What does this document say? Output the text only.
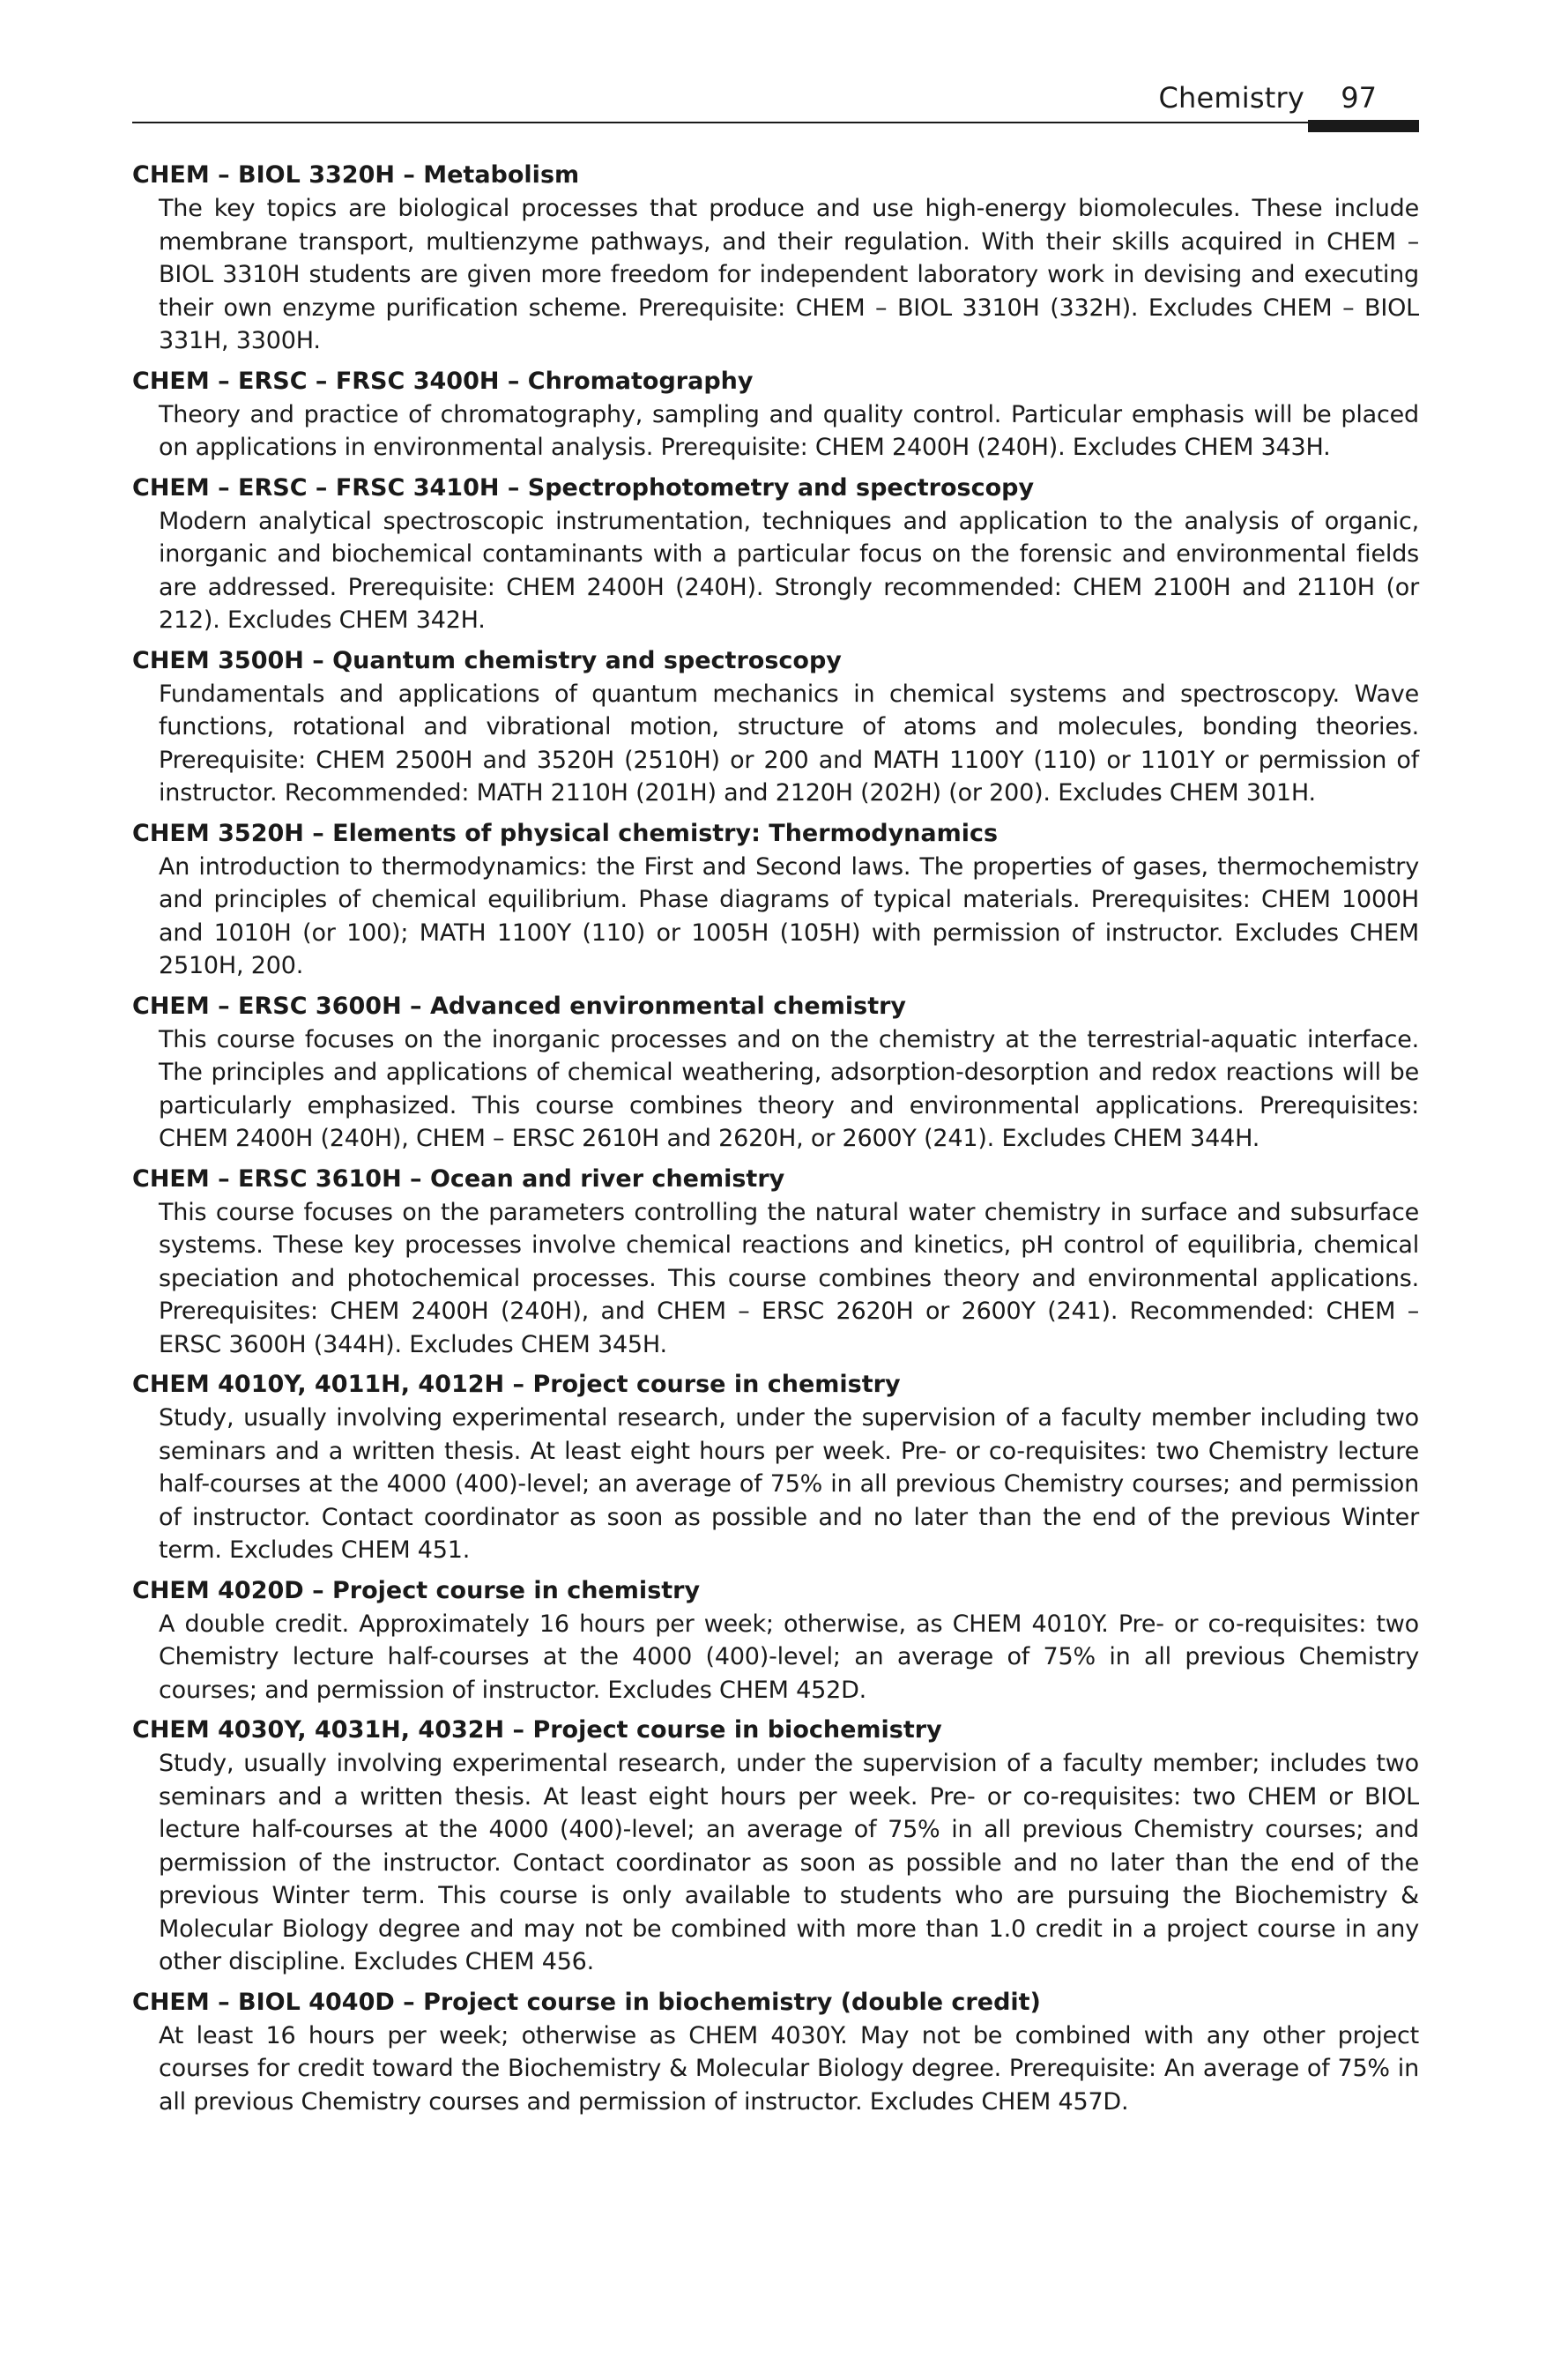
Chemistry 97
CHEM – BIOL 3320H – Metabolism
The key topics are biological processes that produce and use high-energy biomolecules. These include membrane transport, multienzyme pathways, and their regulation. With their skills acquired in CHEM – BIOL 3310H students are given more freedom for independent laboratory work in devising and executing their own enzyme purification scheme. Prerequisite: CHEM – BIOL 3310H (332H). Excludes CHEM – BIOL 331H, 3300H.
CHEM – ERSC – FRSC 3400H – Chromatography
Theory and practice of chromatography, sampling and quality control. Particular emphasis will be placed on applications in environmental analysis. Prerequisite: CHEM 2400H (240H). Excludes CHEM 343H.
CHEM – ERSC – FRSC 3410H – Spectrophotometry and spectroscopy
Modern analytical spectroscopic instrumentation, techniques and application to the analysis of organic, inorganic and biochemical contaminants with a particular focus on the forensic and environmental fields are addressed. Prerequisite: CHEM 2400H (240H). Strongly recommended: CHEM 2100H and 2110H (or 212). Excludes CHEM 342H.
CHEM 3500H – Quantum chemistry and spectroscopy
Fundamentals and applications of quantum mechanics in chemical systems and spectroscopy. Wave functions, rotational and vibrational motion, structure of atoms and molecules, bonding theories. Prerequisite: CHEM 2500H and 3520H (2510H) or 200 and MATH 1100Y (110) or 1101Y or permission of instructor. Recommended: MATH 2110H (201H) and 2120H (202H) (or 200). Excludes CHEM 301H.
CHEM 3520H – Elements of physical chemistry: Thermodynamics
An introduction to thermodynamics: the First and Second laws. The properties of gases, thermochemistry and principles of chemical equilibrium. Phase diagrams of typical materials. Prerequisites: CHEM 1000H and 1010H (or 100); MATH 1100Y (110) or 1005H (105H) with permission of instructor. Excludes CHEM 2510H, 200.
CHEM – ERSC 3600H – Advanced environmental chemistry
This course focuses on the inorganic processes and on the chemistry at the terrestrial-aquatic interface. The principles and applications of chemical weathering, adsorption-desorption and redox reactions will be particularly emphasized. This course combines theory and environmental applications. Prerequisites: CHEM 2400H (240H), CHEM – ERSC 2610H and 2620H, or 2600Y (241). Excludes CHEM 344H.
CHEM – ERSC 3610H – Ocean and river chemistry
This course focuses on the parameters controlling the natural water chemistry in surface and subsurface systems. These key processes involve chemical reactions and kinetics, pH control of equilibria, chemical speciation and photochemical processes. This course combines theory and environmental applications. Prerequisites: CHEM 2400H (240H), and CHEM – ERSC 2620H or 2600Y (241). Recommended: CHEM – ERSC 3600H (344H). Excludes CHEM 345H.
CHEM 4010Y, 4011H, 4012H – Project course in chemistry
Study, usually involving experimental research, under the supervision of a faculty member including two seminars and a written thesis. At least eight hours per week. Pre- or co-requisites: two Chemistry lecture half-courses at the 4000 (400)-level; an average of 75% in all previous Chemistry courses; and permission of instructor. Contact coordinator as soon as possible and no later than the end of the previous Winter term. Excludes CHEM 451.
CHEM 4020D – Project course in chemistry
A double credit. Approximately 16 hours per week; otherwise, as CHEM 4010Y. Pre- or co-requisites: two Chemistry lecture half-courses at the 4000 (400)-level; an average of 75% in all previous Chemistry courses; and permission of instructor. Excludes CHEM 452D.
CHEM 4030Y, 4031H, 4032H – Project course in biochemistry
Study, usually involving experimental research, under the supervision of a faculty member; includes two seminars and a written thesis. At least eight hours per week. Pre- or co-requisites: two CHEM or BIOL lecture half-courses at the 4000 (400)-level; an average of 75% in all previous Chemistry courses; and permission of the instructor. Contact coordinator as soon as possible and no later than the end of the previous Winter term. This course is only available to students who are pursuing the Biochemistry & Molecular Biology degree and may not be combined with more than 1.0 credit in a project course in any other discipline. Excludes CHEM 456.
CHEM – BIOL 4040D – Project course in biochemistry (double credit)
At least 16 hours per week; otherwise as CHEM 4030Y. May not be combined with any other project courses for credit toward the Biochemistry & Molecular Biology degree. Prerequisite: An average of 75% in all previous Chemistry courses and permission of instructor. Excludes CHEM 457D.
